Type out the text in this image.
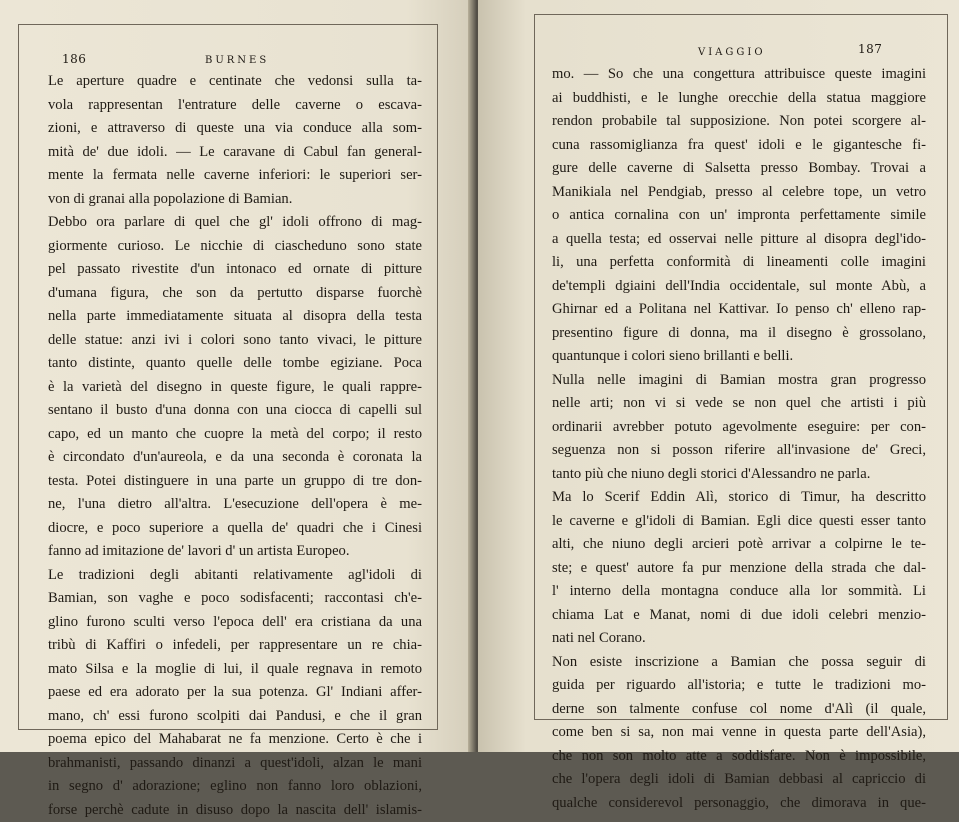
186	BURNES
Le aperture quadre e centinate che vedonsi sulla ta-
vola rappresentan l'entrature delle caverne o escava-
zioni, e attraverso di queste una via conduce alla som-
mità de' due idoli. — Le caravane di Cabul fan general-
mente la fermata nelle caverne inferiori: le superiori ser-
von di granai alla popolazione di Bamian.
Debbo ora parlare di quel che gl' idoli offrono di mag-
giormente curioso. Le nicchie di ciascheduno sono state
pel passato rivestite d'un intonaco ed ornate di pitture
d'umana figura, che son da pertutto disparse fuorchè
nella parte immediatamente situata al disopra della testa
delle statue: anzi ivi i colori sono tanto vivaci, le pitture
tanto distinte, quanto quelle delle tombe egiziane. Poca
è la varietà del disegno in queste figure, le quali rappre-
sentano il busto d'una donna con una ciocca di capelli sul
capo, ed un manto che cuopre la metà del corpo; il resto
è circondato d'un'aureola, e da una seconda è coronata la
testa. Potei distinguere in una parte un gruppo di tre don-
ne, l'una dietro all'altra. L'esecuzione dell'opera è me-
diocre, e poco superiore a quella de' quadri che i Cinesi
fanno ad imitazione de' lavori d' un artista Europeo.
Le tradizioni degli abitanti relativamente agl'idoli di
Bamian, son vaghe e poco sodisfacenti; raccontasi ch'e-
glino furono sculti verso l'epoca dell' era cristiana da una
tribù di Kaffiri o infedeli, per rappresentare un re chia-
mato Silsa e la moglie di lui, il quale regnava in remoto
paese ed era adorato per la sua potenza. Gl' Indiani affer-
mano, ch' essi furono scolpiti dai Pandusi, e che il gran
poema epico del Mahabarat ne fa menzione. Certo è che i
brahmanisti, passando dinanzi a quest'idoli, alzan le mani
in segno d' adorazione; eglino non fanno loro oblazioni,
forse perchè cadute in disuso dopo la nascita dell' islamis-
VIAGGIO	187
mo. — So che una congettura attribuisce queste imagini
ai buddhisti, e le lunghe orecchie della statua maggiore
rendon probabile tal supposizione. Non potei scorgere al-
cuna rassomiglianza fra quest' idoli e le gigantesche fi-
gure delle caverne di Salsetta presso Bombay. Trovai a
Manikiala nel Pendgiab, presso al celebre tope, un vetro
o antica cornalina con un' impronta perfettamente simile
a quella testa; ed osservai nelle pitture al disopra degl'ido-
li, una perfetta conformità di lineamenti colle imagini
de'templi dgiaini dell'India occidentale, sul monte Abù, a
Ghirnar ed a Politana nel Kattivar. Io penso ch' elleno rap-
presentino figure di donna, ma il disegno è grossolano,
quantunque i colori sieno brillanti e belli.
Nulla nelle imagini di Bamian mostra gran progresso
nelle arti; non vi si vede se non quel che artisti i più
ordinarii avrebber potuto agevolmente eseguire: per con-
seguenza non si posson riferire all'invasione de' Greci,
tanto più che niuno degli storici d'Alessandro ne parla.
Ma lo Scerif Eddin Alì, storico di Timur, ha descritto
le caverne e gl'idoli di Bamian. Egli dice questi esser tanto
alti, che niuno degli arcieri potè arrivar a colpirne le te-
ste; e quest' autore fa pur menzione della strada che dal-
l' interno della montagna conduce alla lor sommità. Li
chiama Lat e Manat, nomi di due idoli celebri menzio-
nati nel Corano.
Non esiste inscrizione a Bamian che possa seguir di
guida per riguardo all'istoria; e tutte le tradizioni mo-
derne son talmente confuse col nome d'Alì (il quale,
come ben si sa, non mai venne in questa parte dell'Asia),
che non son molto atte a soddisfare. Non è impossibile,
che l'opera degli idoli di Bamian debbasi al capriccio di
qualche considerevol personaggio, che dimorava in que-
